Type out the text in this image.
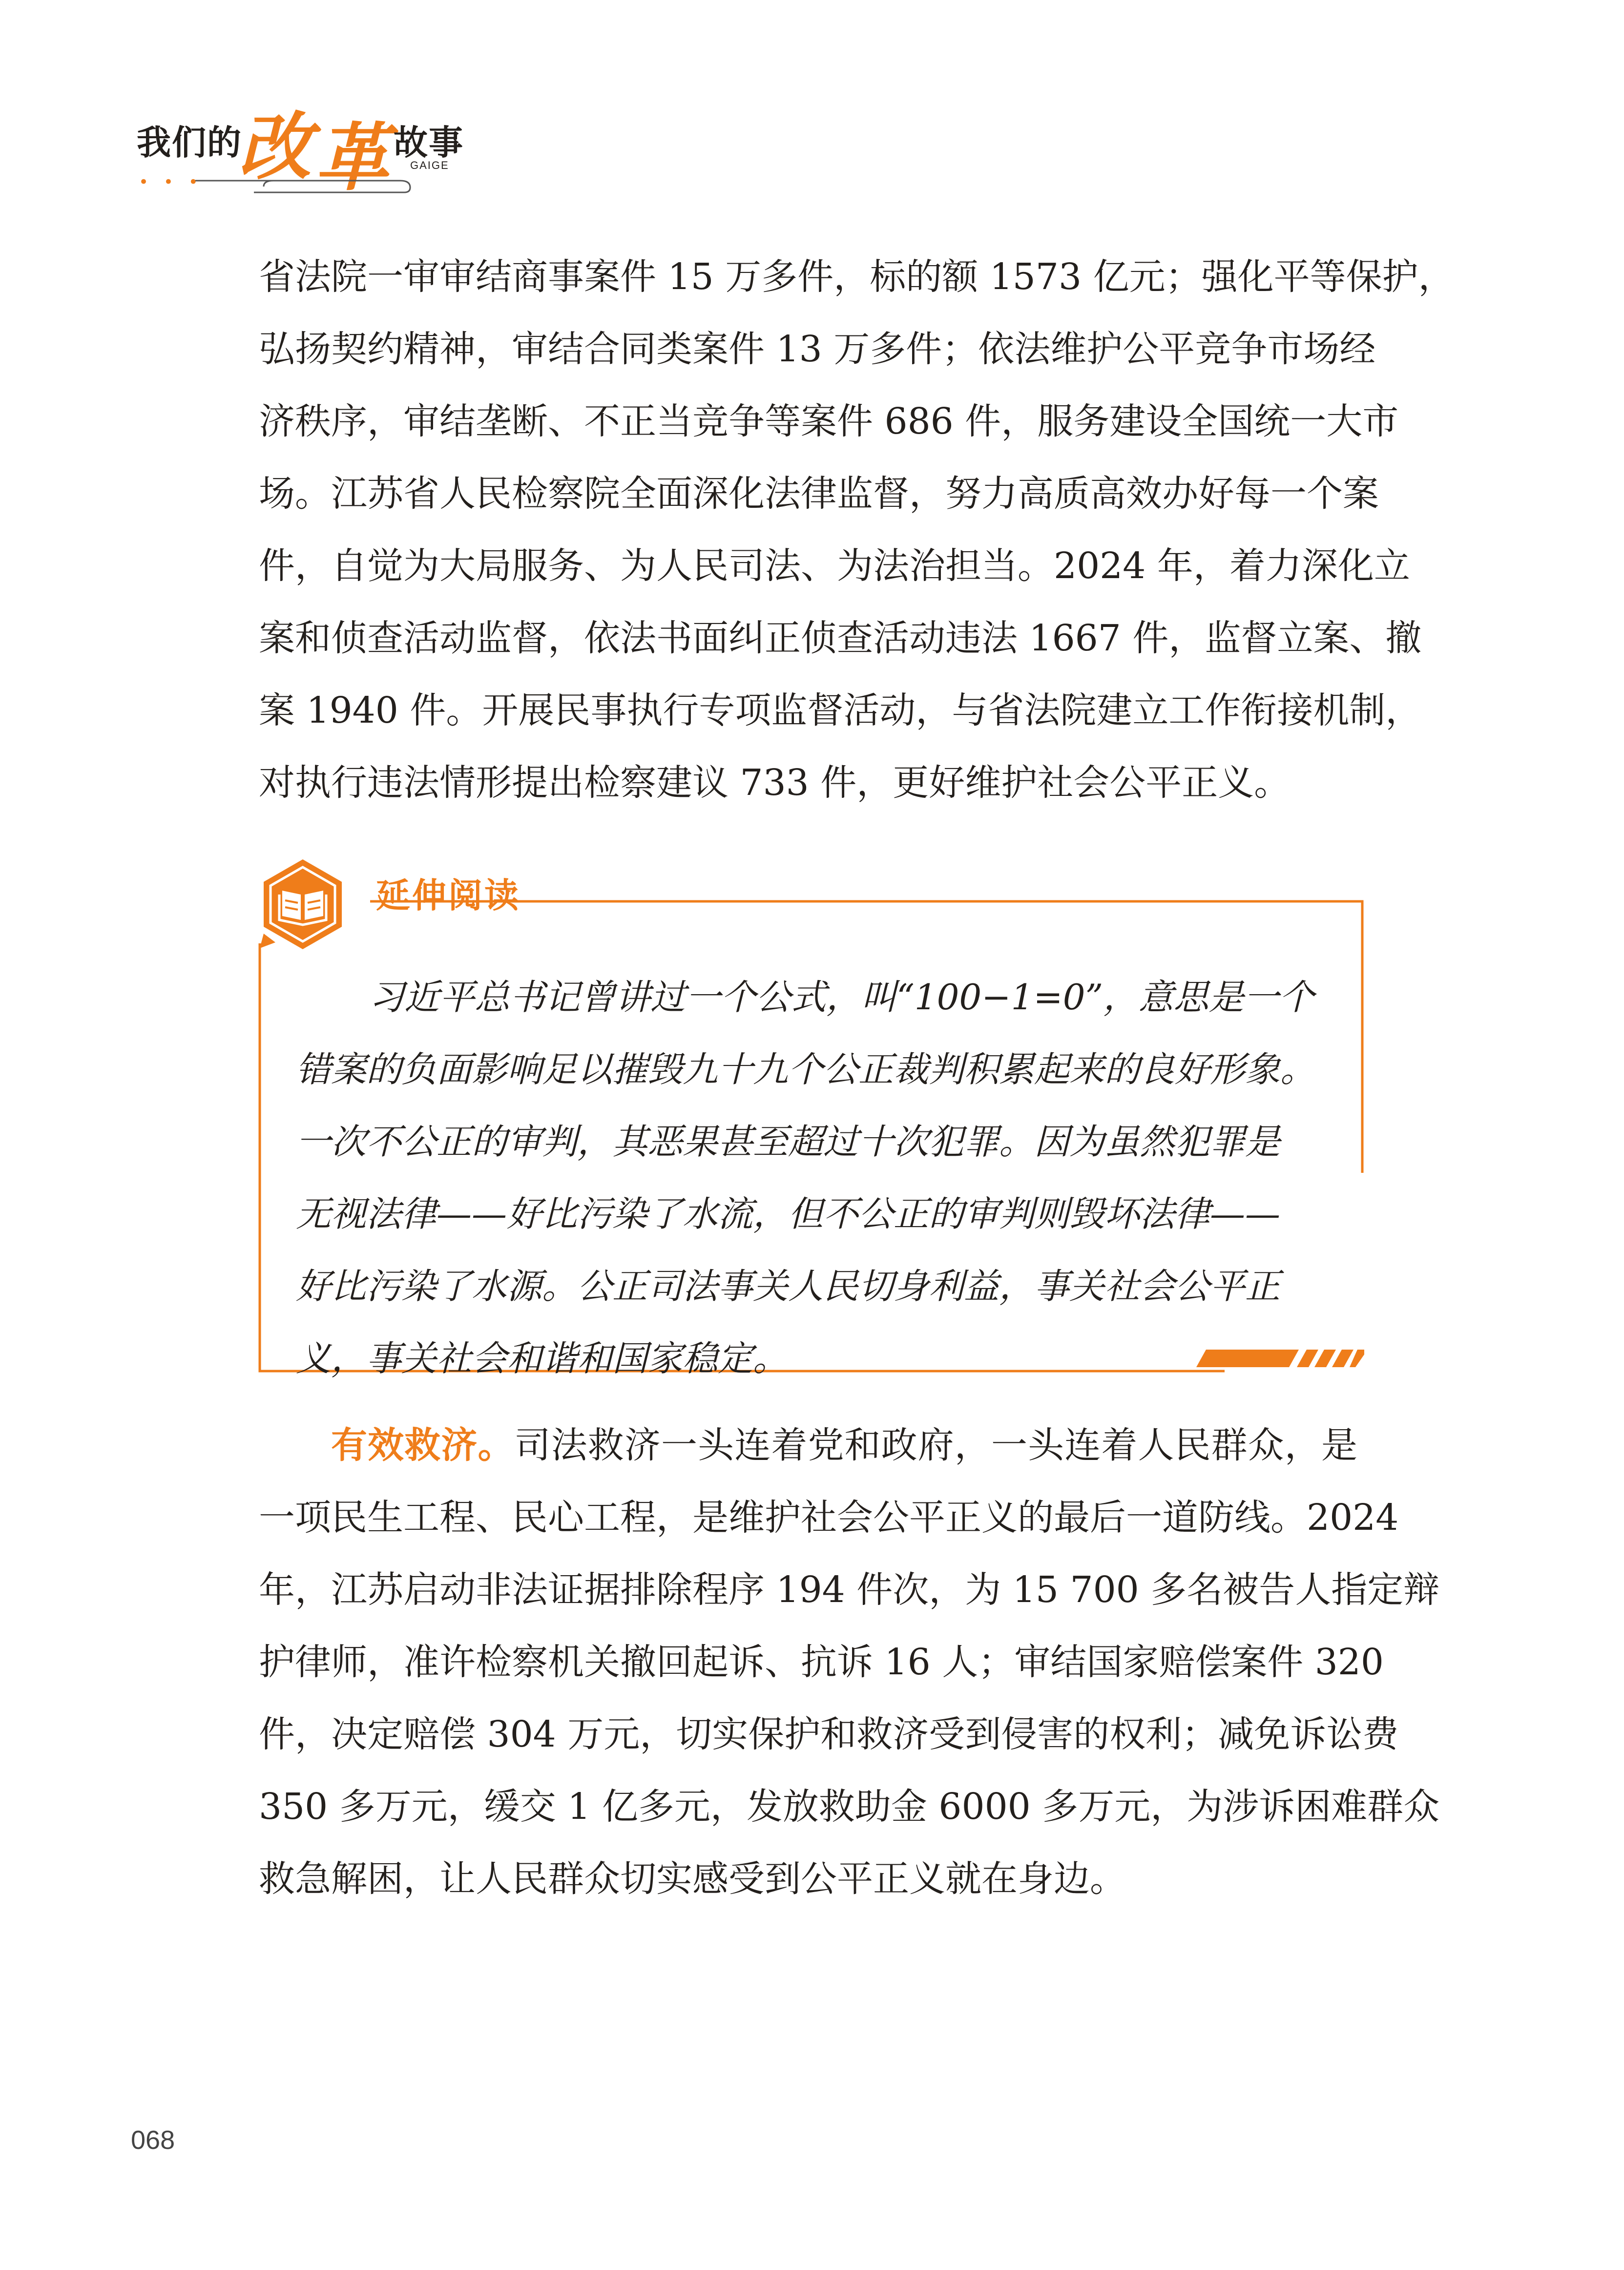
我们的
改 革 故事
GAIGE
• • •
省法院一审审结商事案件 15 万多件，标的额 1573 亿元；强化平等保护，
弘扬契约精神，审结合同类案件 13 万多件；依法维护公平竞争市场经
济秩序，审结垄断、不正当竞争等案件 686 件，服务建设全国统一大市
场。江苏省人民检察院全面深化法律监督，努力高质高效办好每一个案
件，自觉为大局服务、为人民司法、为法治担当。2024 年，着力深化立
案和侦查活动监督，依法书面纠正侦查活动违法 1667 件，监督立案、撤
案 1940 件。开展民事执行专项监督活动，与省法院建立工作衔接机制，
对执行违法情形提出检察建议 733 件，更好维护社会公平正义。
延伸阅读
习近平总书记曾讲过一个公式，叫“100−1=0”，意思是一个
错案的负面影响足以摧毁九十九个公正裁判积累起来的良好形象。
一次不公正的审判，其恶果甚至超过十次犯罪。因为虽然犯罪是
无视法律——好比污染了水流，但不公正的审判则毁坏法律——
好比污染了水源。公正司法事关人民切身利益，事关社会公平正
义，事关社会和谐和国家稳定。
有效救济。司法救济一头连着党和政府，一头连着人民群众，是
一项民生工程、民心工程，是维护社会公平正义的最后一道防线。2024
年，江苏启动非法证据排除程序 194 件次，为 15 700 多名被告人指定辩
护律师，准许检察机关撤回起诉、抗诉 16 人；审结国家赔偿案件 320
件，决定赔偿 304 万元，切实保护和救济受到侵害的权利；减免诉讼费
350 多万元，缓交 1 亿多元，发放救助金 6000 多万元，为涉诉困难群众
救急解困，让人民群众切实感受到公平正义就在身边。
068
